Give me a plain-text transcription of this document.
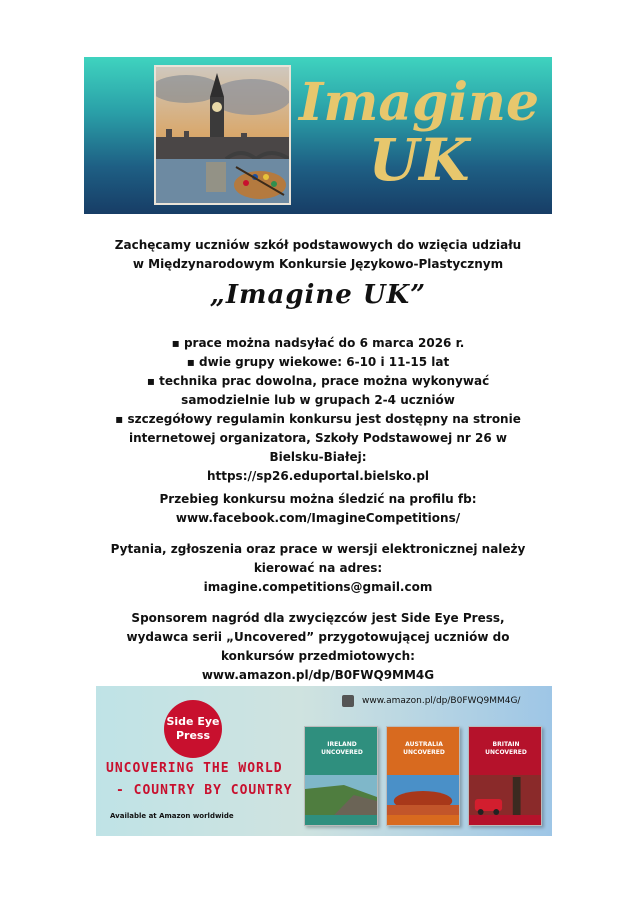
Imagine
UK
Zachęcamy uczniów szkół podstawowych do wzięcia udziału
w Międzynarodowym Konkursie Językowo-Plastycznym
„Imagine UK”
▪ prace można nadsyłać do 6 marca 2026 r.
▪ dwie grupy wiekowe: 6-10 i 11-15 lat
▪ technika prac dowolna, prace można wykonywać samodzielnie lub w grupach 2-4 uczniów
▪ szczegółowy regulamin konkursu jest dostępny na stronie internetowej organizatora, Szkoły Podstawowej nr 26 w Bielsku-Białej:
https://sp26.eduportal.bielsko.pl
Przebieg konkursu można śledzić na profilu fb:
www.facebook.com/ImagineCompetitions/
Pytania, zgłoszenia oraz prace w wersji elektronicznej należy kierować na adres:
imagine.competitions@gmail.com
Sponsorem nagród dla zwycięzców jest Side Eye Press, wydawca serii „Uncovered” przygotowującej uczniów do konkursów przedmiotowych: www.amazon.pl/dp/B0FWQ9MM4G
Side Eye
Press
UNCOVERING THE WORLD
- COUNTRY BY COUNTRY
Available at Amazon worldwide
www.amazon.pl/dp/B0FWQ9MM4G/
IRELAND UNCOVERED
AUSTRALIA UNCOVERED
BRITAIN UNCOVERED
